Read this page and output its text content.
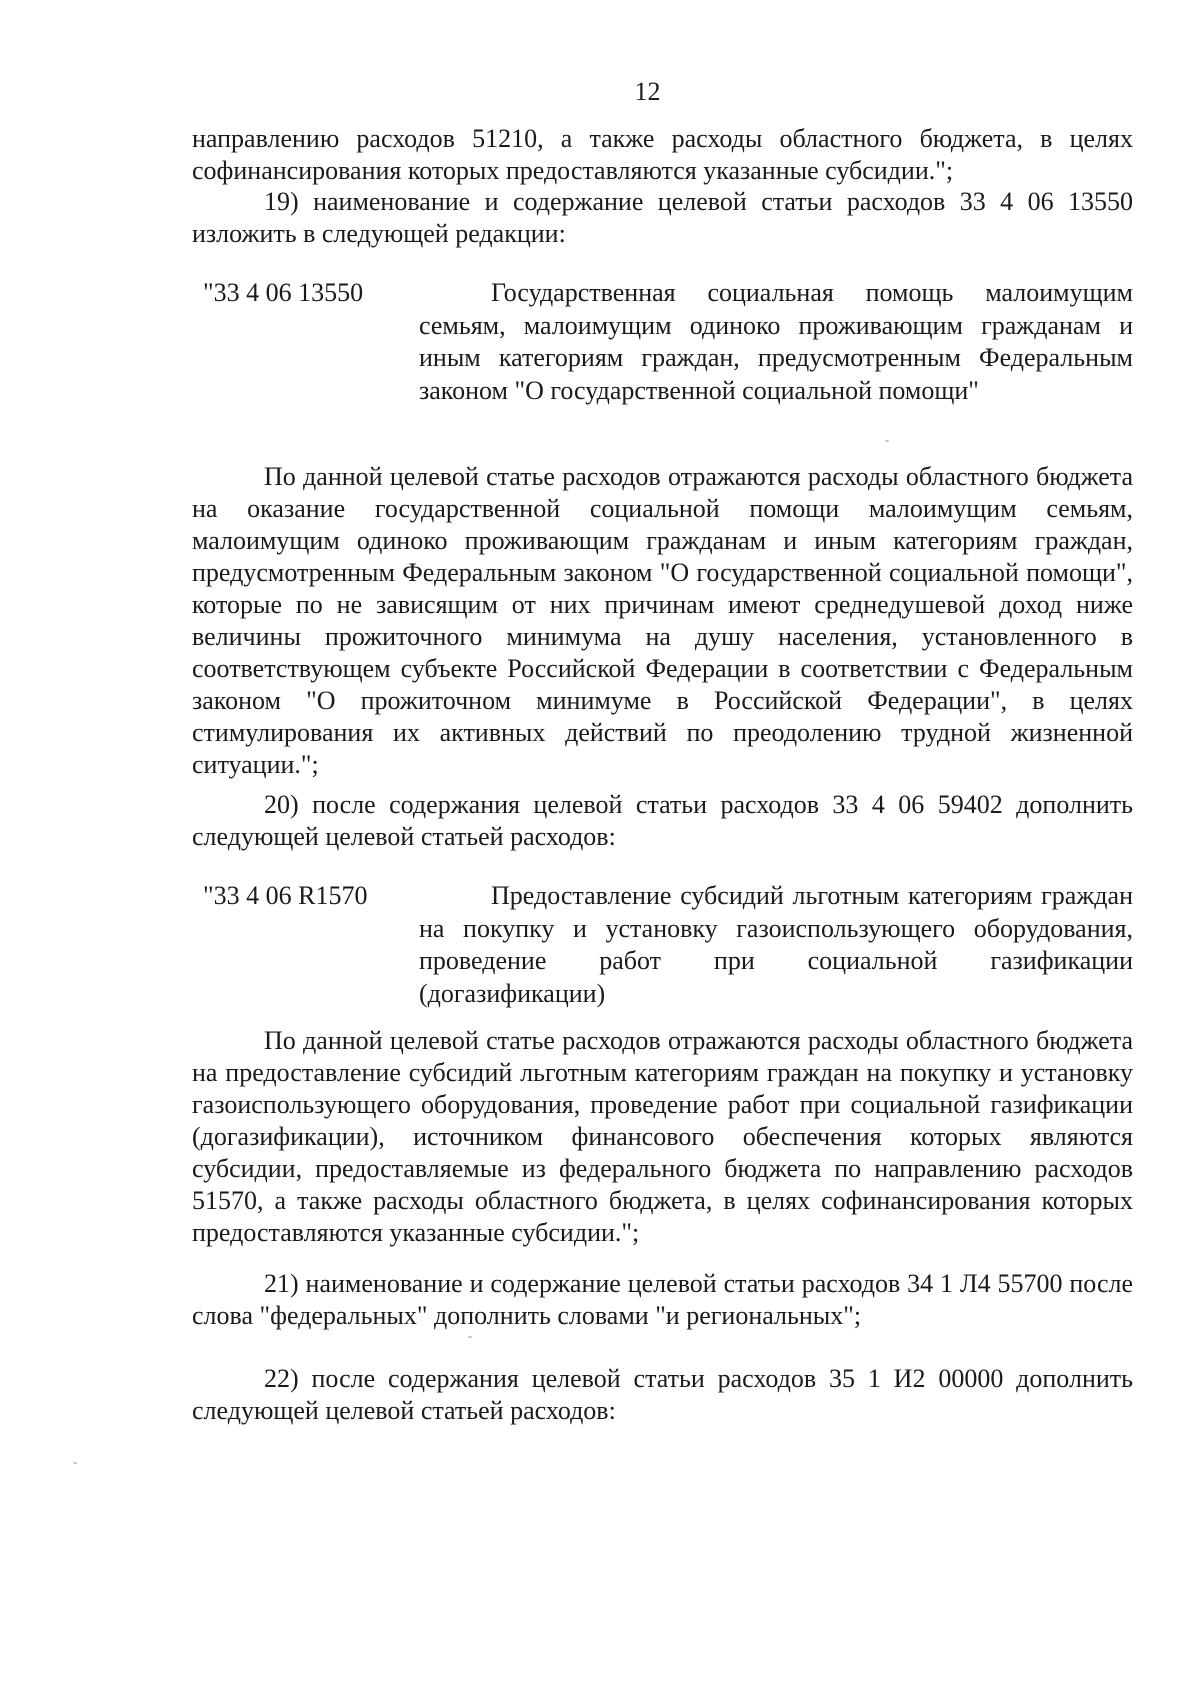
12

направлению расходов 51210, а также расходы областного бюджета, в целях софинансирования которых предоставляются указанные субсидии.";

19) наименование и содержание целевой статьи расходов 33 4 06 13550 изложить в следующей редакции:

"33 4 06 13550	Государственная социальная помощь малоимущим семьям, малоимущим одиноко проживающим гражданам и иным категориям граждан, предусмотренным Федеральным законом "О государственной социальной помощи"

По данной целевой статье расходов отражаются расходы областного бюджета на оказание государственной социальной помощи малоимущим семьям, малоимущим одиноко проживающим гражданам и иным категориям граждан, предусмотренным Федеральным законом "О государственной социальной помощи", которые по не зависящим от них причинам имеют среднедушевой доход ниже величины прожиточного минимума на душу населения, установленного в соответствующем субъекте Российской Федерации в соответствии с Федеральным законом "О прожиточном минимуме в Российской Федерации", в целях стимулирования их активных действий по преодолению трудной жизненной ситуации.";

20) после содержания целевой статьи расходов 33 4 06 59402 дополнить следующей целевой статьей расходов:

"33 4 06 R1570	Предоставление субсидий льготным категориям граждан на покупку и установку газоиспользующего оборудования, проведение работ при социальной газификации (догазификации)

По данной целевой статье расходов отражаются расходы областного бюджета на предоставление субсидий льготным категориям граждан на покупку и установку газоиспользующего оборудования, проведение работ при социальной газификации (догазификации), источником финансового обеспечения которых являются субсидии, предоставляемые из федерального бюджета по направлению расходов 51570, а также расходы областного бюджета, в целях софинансирования которых предоставляются указанные субсидии.";

21) наименование и содержание целевой статьи расходов 34 1 Л4 55700 после слова "федеральных" дополнить словами "и региональных";

22) после содержания целевой статьи расходов 35 1 И2 00000 дополнить следующей целевой статьей расходов:
